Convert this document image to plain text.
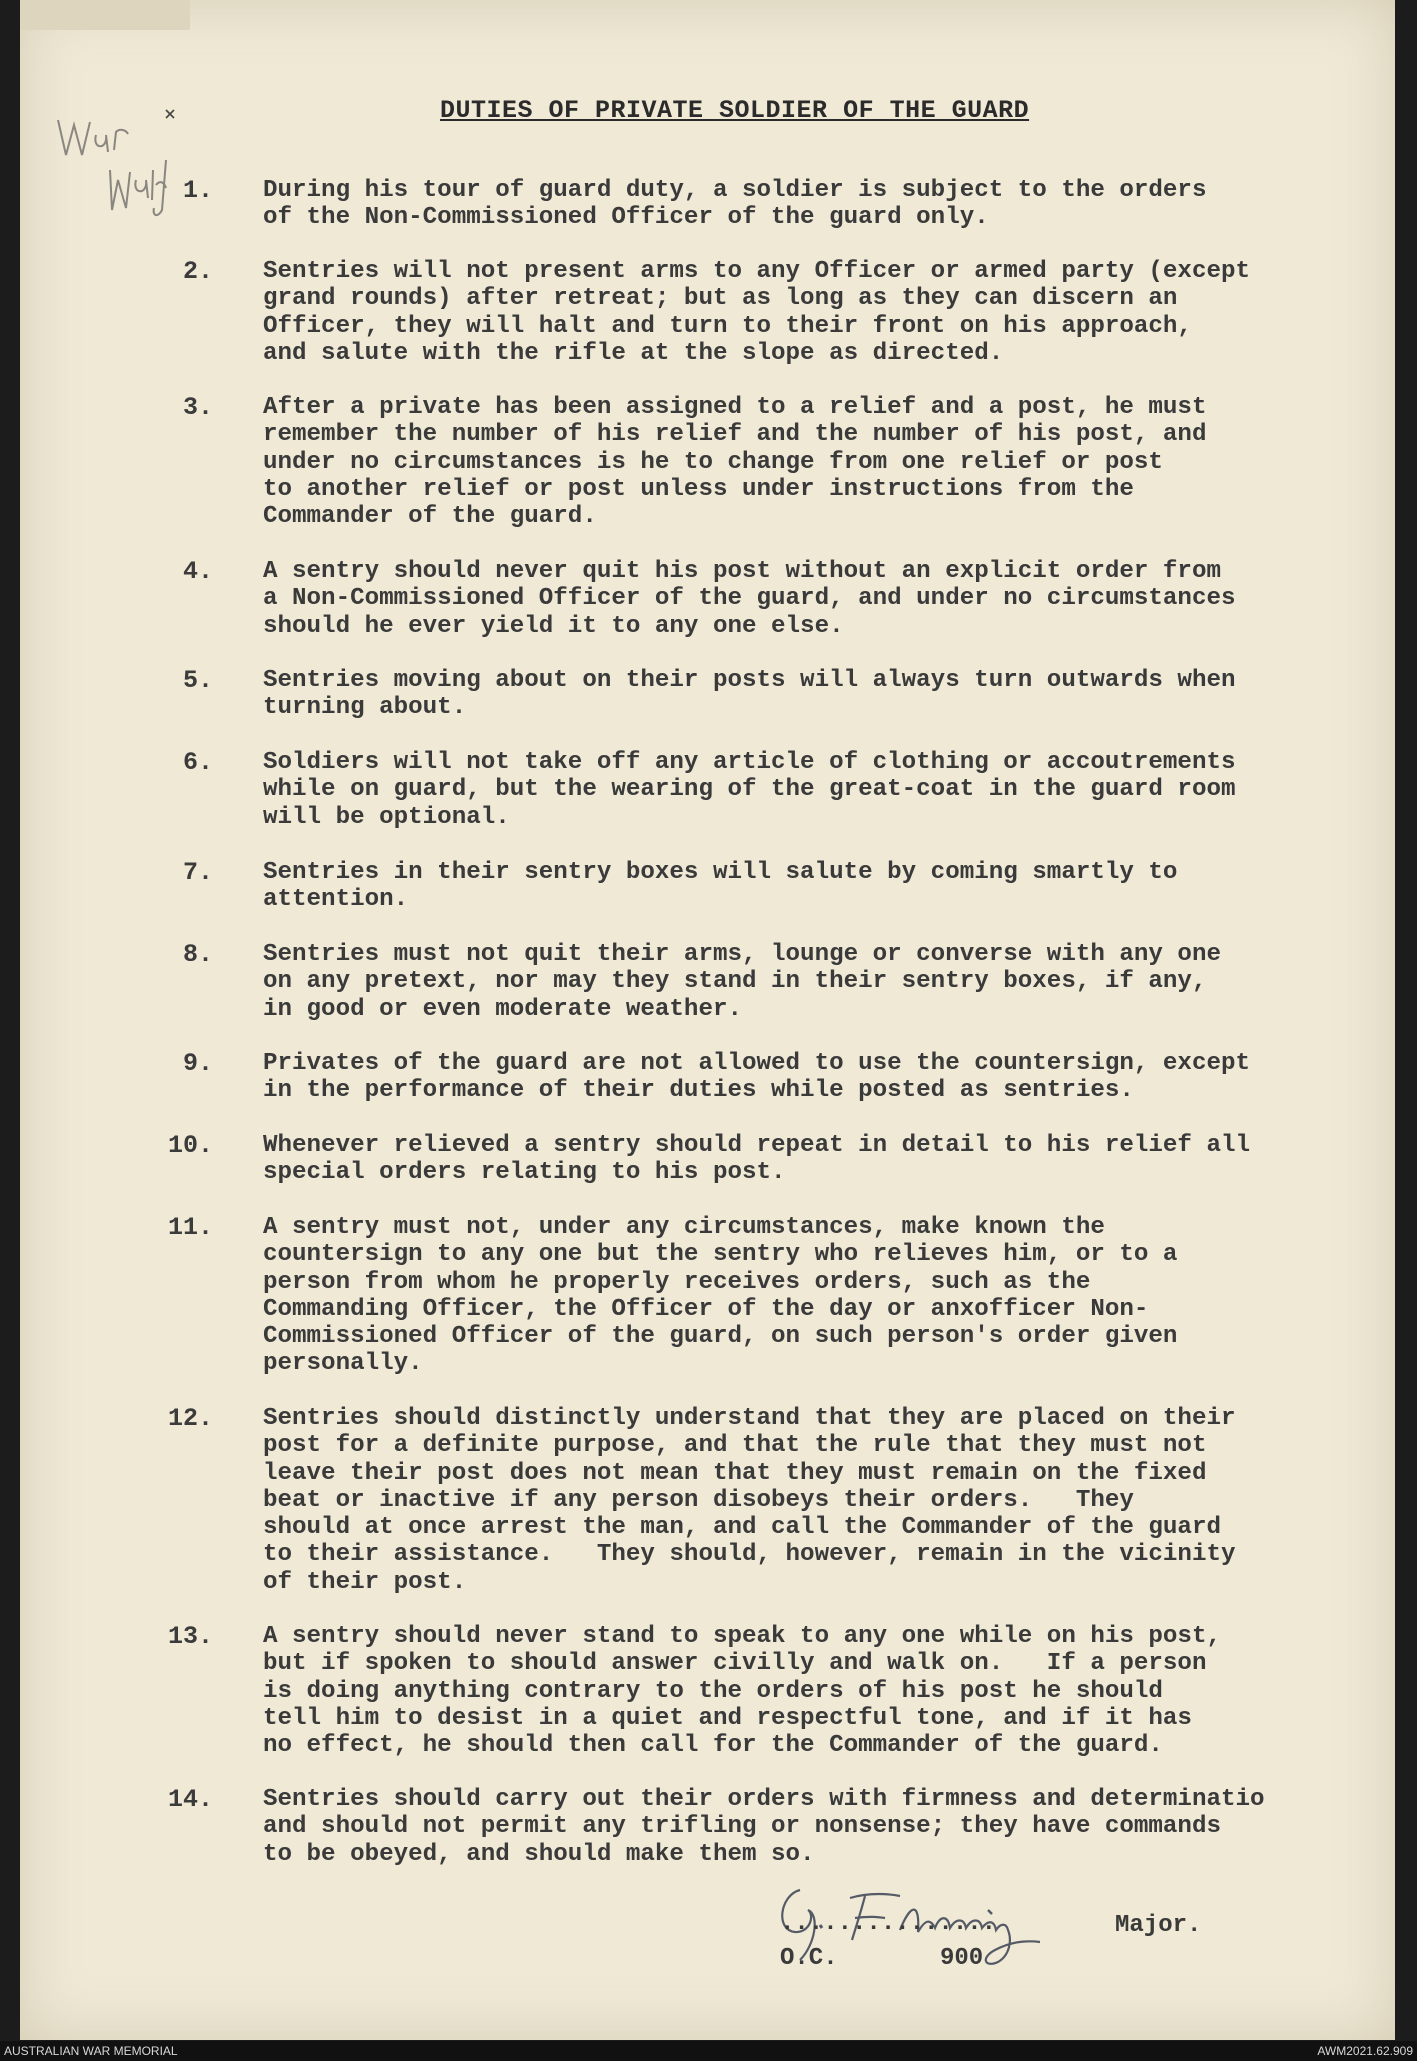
DUTIES OF PRIVATE SOLDIER OF THE GUARD
1. During his tour of guard duty, a soldier is subject to the orders
of the Non-Commissioned Officer of the guard only.
2. Sentries will not present arms to any Officer or armed party (except
grand rounds) after retreat; but as long as they can discern an
Officer, they will halt and turn to their front on his approach,
and salute with the rifle at the slope as directed.
3. After a private has been assigned to a relief and a post, he must
remember the number of his relief and the number of his post, and
under no circumstances is he to change from one relief or post
to another relief or post unless under instructions from the
Commander of the guard.
4. A sentry should never quit his post without an explicit order from
a Non-Commissioned Officer of the guard, and under no circumstances
should he ever yield it to any one else.
5. Sentries moving about on their posts will always turn outwards when
turning about.
6. Soldiers will not take off any article of clothing or accoutrements
while on guard, but the wearing of the great-coat in the guard room
will be optional.
7. Sentries in their sentry boxes will salute by coming smartly to
attention.
8. Sentries must not quit their arms, lounge or converse with any one
on any pretext, nor may they stand in their sentry boxes, if any,
in good or even moderate weather.
9. Privates of the guard are not allowed to use the countersign, except
in the performance of their duties while posted as sentries.
10. Whenever relieved a sentry should repeat in detail to his relief all
special orders relating to his post.
11. A sentry must not, under any circumstances, make known the
countersign to any one but the sentry who relieves him, or to a
person from whom he properly receives orders, such as the
Commanding Officer, the Officer of the day or anxofficer Non-
Commissioned Officer of the guard, on such person's order given
personally.
12. Sentries should distinctly understand that they are placed on their
post for a definite purpose, and that the rule that they must not
leave their post does not mean that they must remain on the fixed
beat or inactive if any person disobeys their orders.   They
should at once arrest the man, and call the Commander of the guard
to their assistance.   They should, however, remain in the vicinity
of their post.
13. A sentry should never stand to speak to any one while on his post,
but if spoken to should answer civilly and walk on.   If a person
is doing anything contrary to the orders of his post he should
tell him to desist in a quiet and respectful tone, and if it has
no effect, he should then call for the Commander of the guard.
14. Sentries should carry out their orders with firmness and determinatio
and should not permit any trifling or nonsense; they have commands
to be obeyed, and should make them so.
...............	Major.
O.C.	900
AUSTRALIAN WAR MEMORIAL	AWM2021.62.909
